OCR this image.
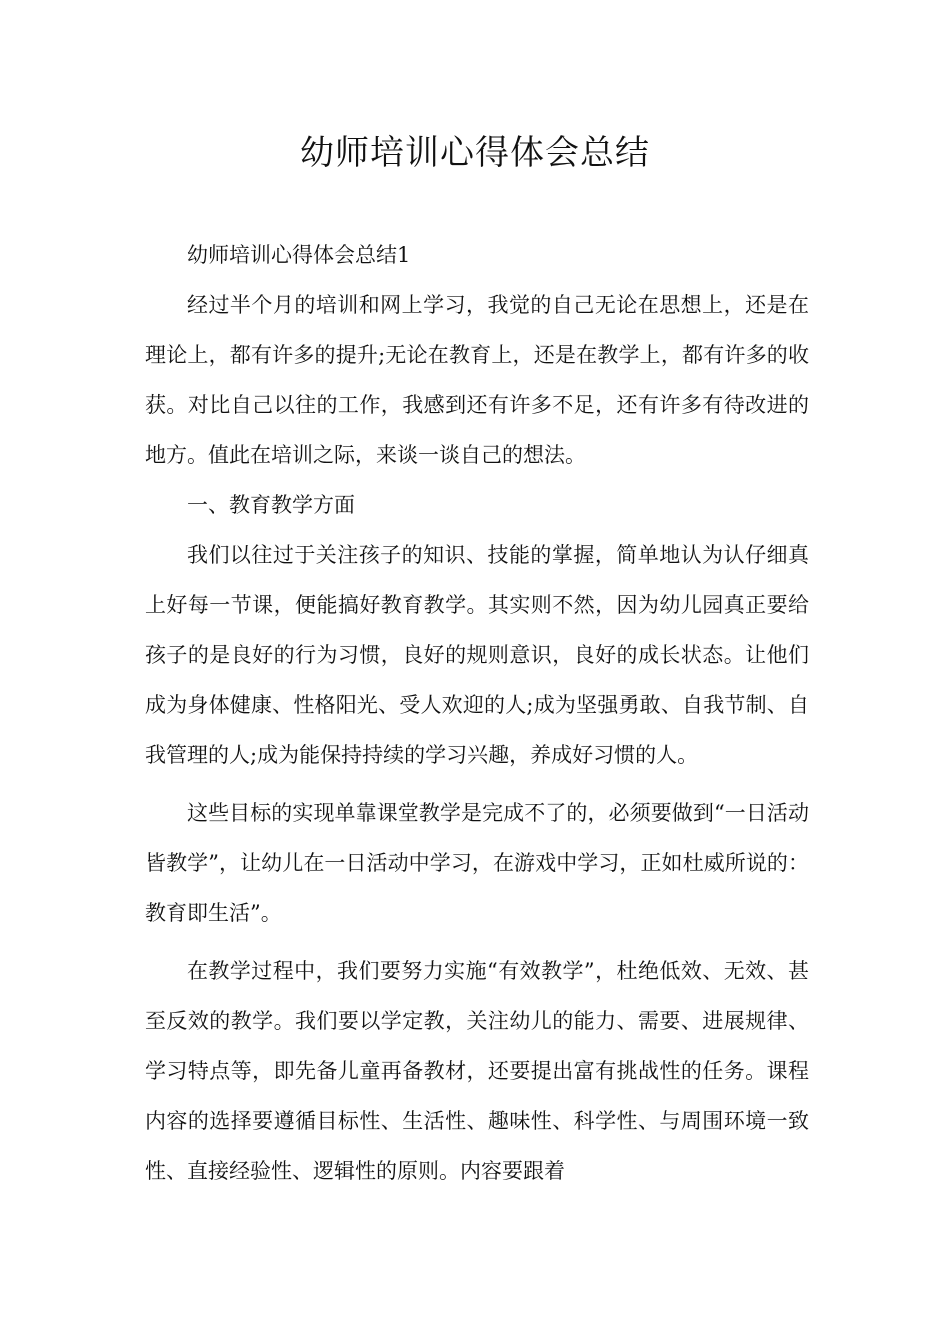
幼师培训心得体会总结

幼师培训心得体会总结1

经过半个月的培训和网上学习，我觉的自己无论在思想上，还是在理论上，都有许多的提升;无论在教育上，还是在教学上，都有许多的收获。对比自己以往的工作，我感到还有许多不足，还有许多有待改进的地方。值此在培训之际，来谈一谈自己的想法。

一、教育教学方面

我们以往过于关注孩子的知识、技能的掌握，简单地认为认仔细真上好每一节课，便能搞好教育教学。其实则不然，因为幼儿园真正要给孩子的是良好的行为习惯，良好的规则意识，良好的成长状态。让他们成为身体健康、性格阳光、受人欢迎的人;成为坚强勇敢、自我节制、自我管理的人;成为能保持持续的学习兴趣，养成好习惯的人。

这些目标的实现单靠课堂教学是完成不了的，必须要做到“一日活动皆教学”，让幼儿在一日活动中学习，在游戏中学习，正如杜威所说的：教育即生活”。

在教学过程中，我们要努力实施“有效教学”，杜绝低效、无效、甚至反效的教学。我们要以学定教，关注幼儿的能力、需要、进展规律、学习特点等，即先备儿童再备教材，还要提出富有挑战性的任务。课程内容的选择要遵循目标性、生活性、趣味性、科学性、与周围环境一致性、直接经验性、逻辑性的原则。内容要跟着
